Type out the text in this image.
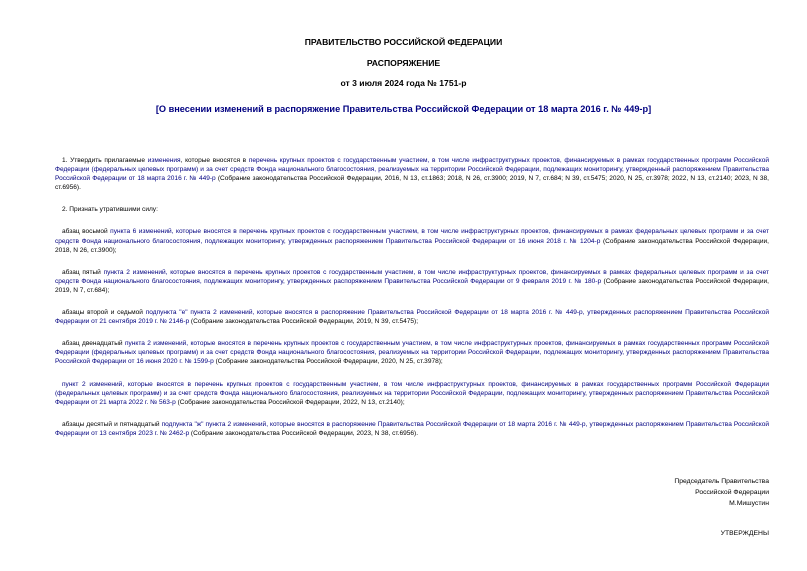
ПРАВИТЕЛЬСТВО РОССИЙСКОЙ ФЕДЕРАЦИИ
РАСПОРЯЖЕНИЕ
от 3 июля 2024 года № 1751-р
[О внесении изменений в распоряжение Правительства Российской Федерации от 18 марта 2016 г. № 449-р]

1. Утвердить прилагаемые изменения, которые вносятся в перечень крупных проектов с государственным участием, в том числе инфраструктурных проектов, финансируемых в рамках государственных программ Российской Федерации (федеральных целевых программ) и за счет средств Фонда национального благосостояния, реализуемых на территории Российской Федерации, подлежащих мониторингу, утвержденный распоряжением Правительства Российской Федерации от 18 марта 2016 г. № 449-р (Собрание законодательства Российской Федерации, 2016, N 13, ст.1863; 2018, N 26, ст.3900; 2019, N 7, ст.684; N 39, ст.5475; 2020, N 25, ст.3978; 2022, N 13, ст.2140; 2023, N 38, ст.6956).

2. Признать утратившими силу:

абзац восьмой пункта 6 изменений, которые вносятся в перечень крупных проектов с государственным участием, в том числе инфраструктурных проектов, финансируемых в рамках федеральных целевых программ и за счет средств Фонда национального благосостояния, подлежащих мониторингу, утвержденных распоряжением Правительства Российской Федерации от 16 июня 2018 г. № 1204-р (Собрание законодательства Российской Федерации, 2018, N 26, ст.3900);

абзац пятый пункта 2 изменений, которые вносятся в перечень крупных проектов с государственным участием, в том числе инфраструктурных проектов, финансируемых в рамках федеральных целевых программ и за счет средств Фонда национального благосостояния, подлежащих мониторингу, утвержденных распоряжением Правительства Российской Федерации от 9 февраля 2019 г. № 180-р (Собрание законодательства Российской Федерации, 2019, N 7, ст.684);

абзацы второй и седьмой подпункта "е" пункта 2 изменений, которые вносятся в распоряжение Правительства Российской Федерации от 18 марта 2016 г. № 449-р, утвержденных распоряжением Правительства Российской Федерации от 21 сентября 2019 г. № 2146-р (Собрание законодательства Российской Федерации, 2019, N 39, ст.5475);

абзац двенадцатый пункта 2 изменений, которые вносятся в перечень крупных проектов с государственным участием, в том числе инфраструктурных проектов, финансируемых в рамках государственных программ Российской Федерации (федеральных целевых программ) и за счет средств Фонда национального благосостояния, реализуемых на территории Российской Федерации, подлежащих мониторингу, утвержденных распоряжением Правительства Российской Федерации от 16 июня 2020 г. № 1599-р (Собрание законодательства Российской Федерации, 2020, N 25, ст.3978);

пункт 2 изменений, которые вносятся в перечень крупных проектов с государственным участием, в том числе инфраструктурных проектов, финансируемых в рамках государственных программ Российской Федерации (федеральных целевых программ) и за счет средств Фонда национального благосостояния, реализуемых на территории Российской Федерации, подлежащих мониторингу, утвержденных распоряжением Правительства Российской Федерации от 21 марта 2022 г. № 563-р (Собрание законодательства Российской Федерации, 2022, N 13, ст.2140);

абзацы десятый и пятнадцатый подпункта "ж" пункта 2 изменений, которые вносятся в распоряжение Правительства Российской Федерации от 18 марта 2016 г. № 449-р, утвержденных распоряжением Правительства Российской Федерации от 13 сентября 2023 г. № 2462-р (Собрание законодательства Российской Федерации, 2023, N 38, ст.6956).

Председатель Правительства
Российской Федерации
М.Мишустин
УТВЕРЖДЕНЫ
